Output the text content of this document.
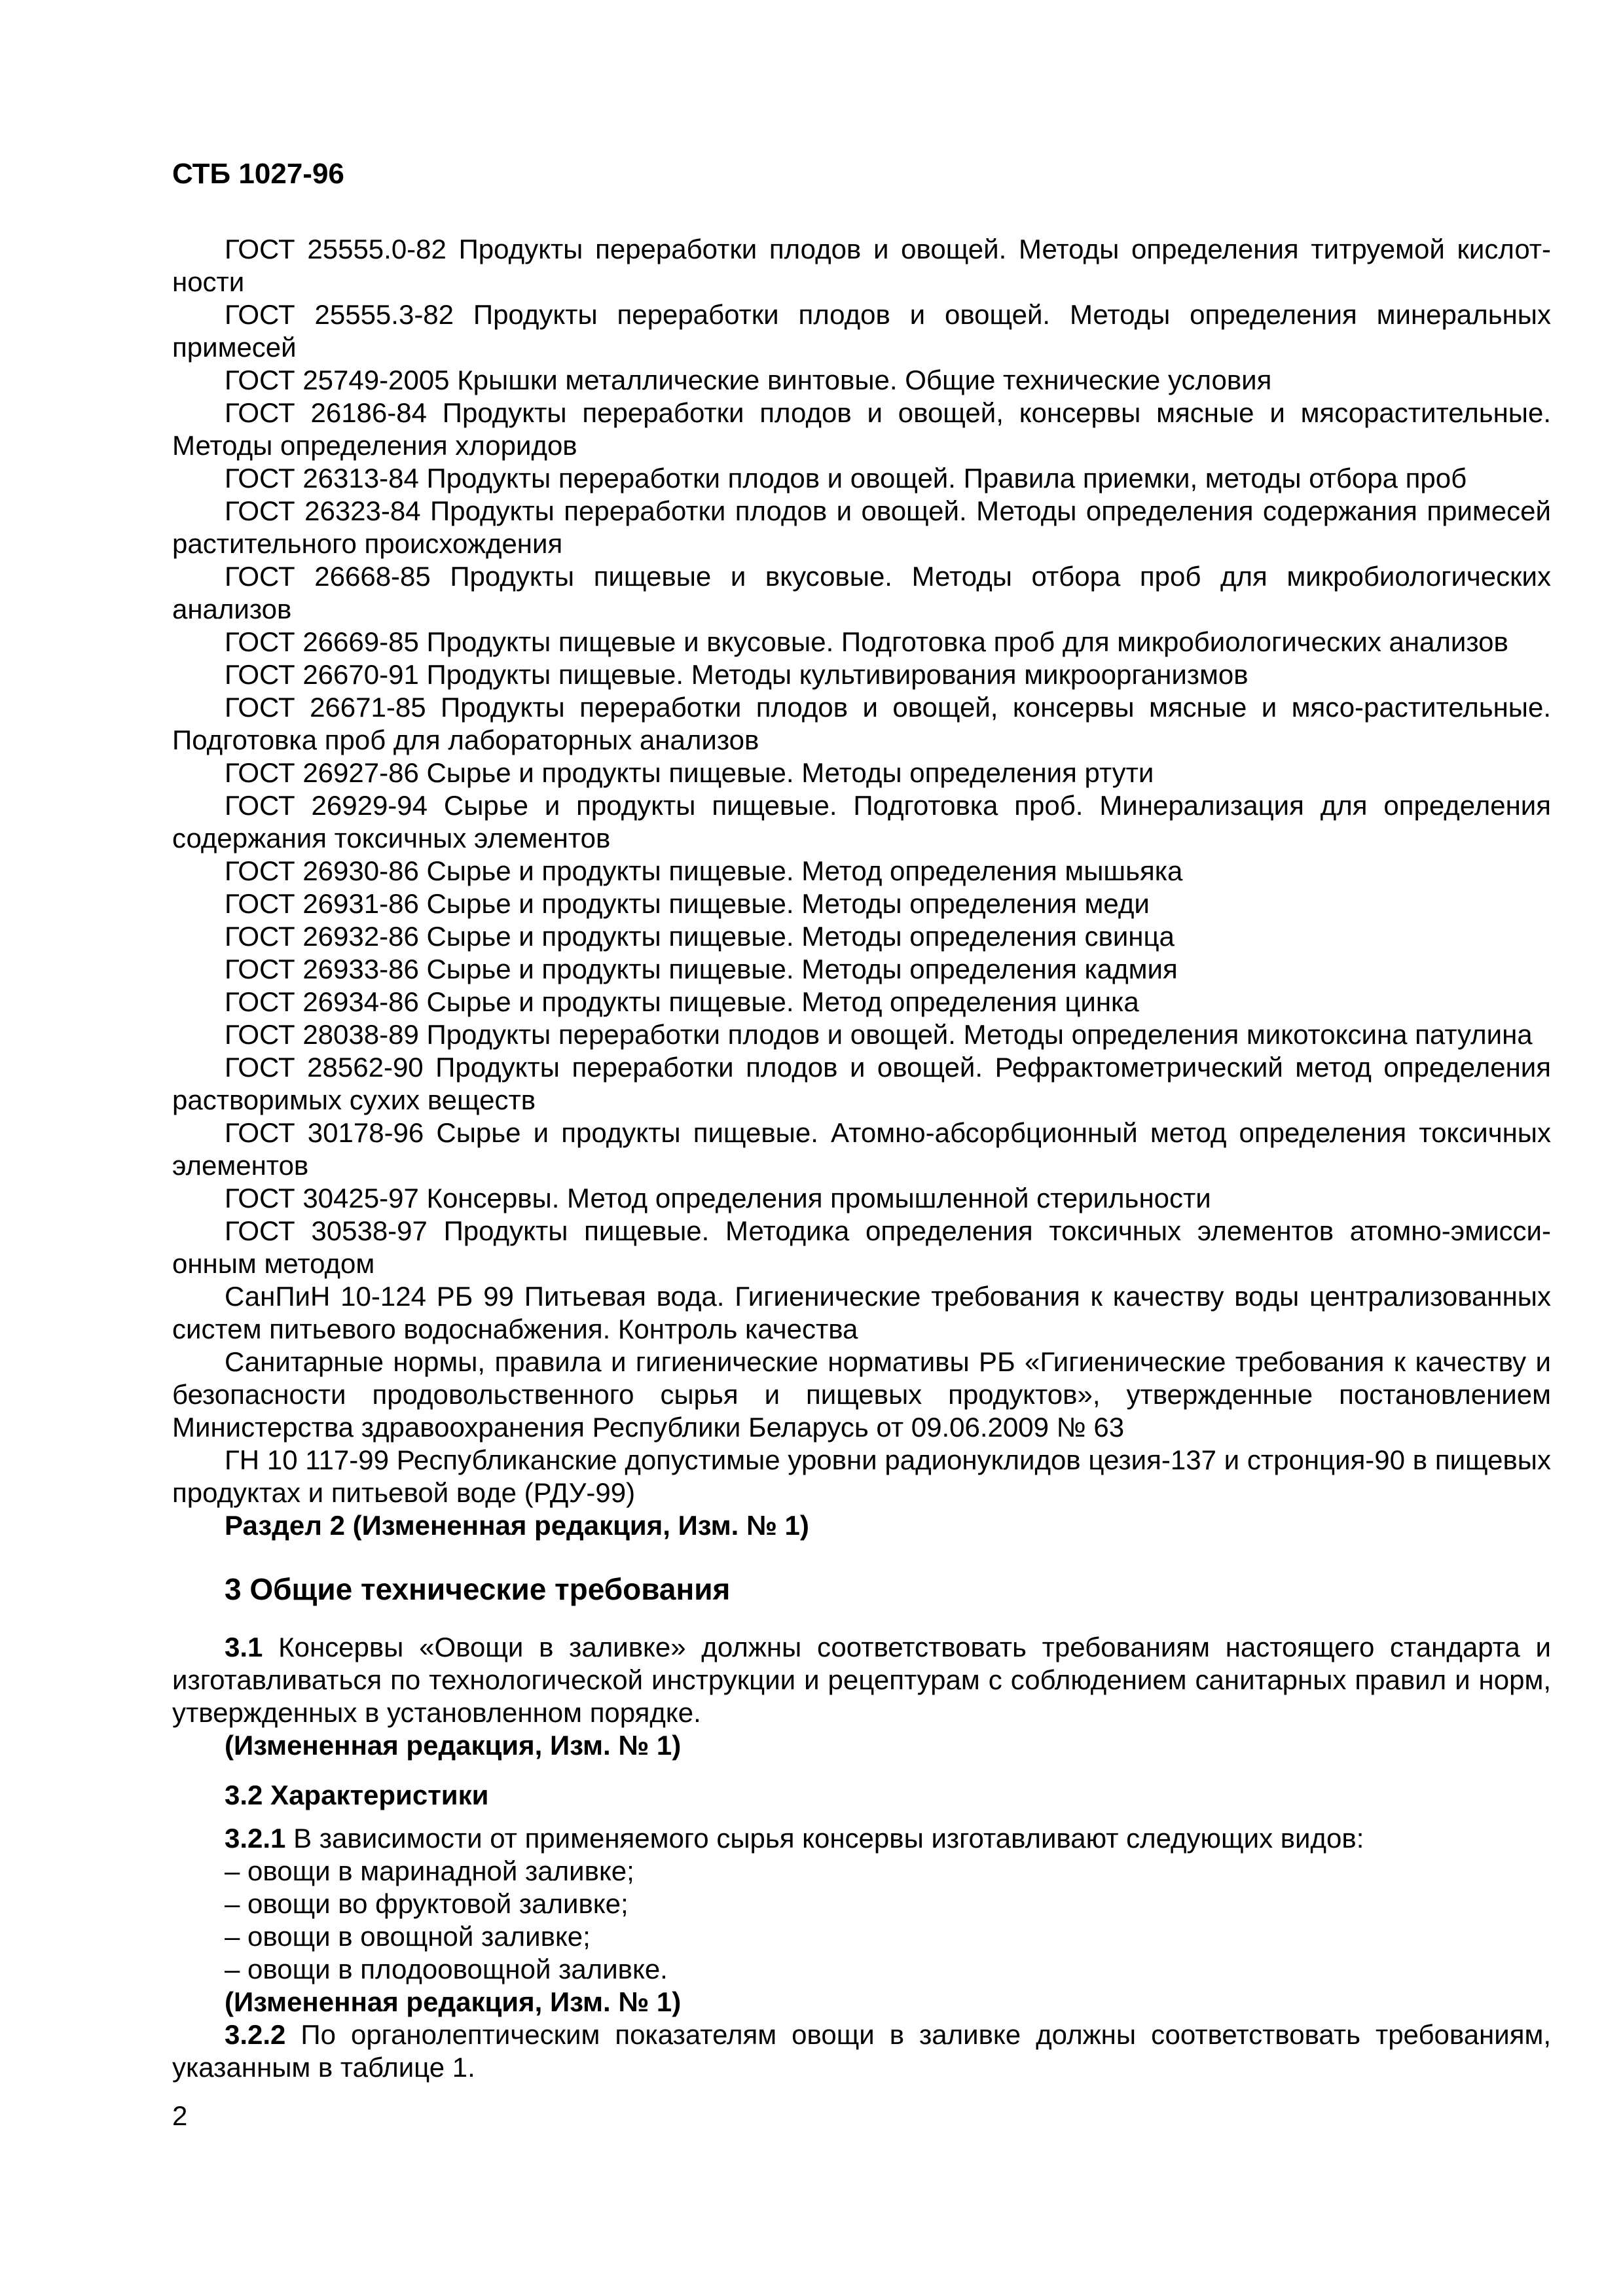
СТБ 1027-96

ГОСТ 25555.0-82 Продукты переработки плодов и овощей. Методы определения титруемой кислотности

ГОСТ 25555.3-82 Продукты переработки плодов и овощей. Методы определения минеральных примесей

ГОСТ 25749-2005 Крышки металлические винтовые. Общие технические условия

ГОСТ 26186-84 Продукты переработки плодов и овощей, консервы мясные и мясорастительные. Методы определения хлоридов

ГОСТ 26313-84 Продукты переработки плодов и овощей. Правила приемки, методы отбора проб

ГОСТ 26323-84 Продукты переработки плодов и овощей. Методы определения содержания примесей растительного происхождения

ГОСТ 26668-85 Продукты пищевые и вкусовые. Методы отбора проб для микробиологических анализов

ГОСТ 26669-85 Продукты пищевые и вкусовые. Подготовка проб для микробиологических анализов

ГОСТ 26670-91 Продукты пищевые. Методы культивирования микроорганизмов

ГОСТ 26671-85 Продукты переработки плодов и овощей, консервы мясные и мясо-растительные. Подготовка проб для лабораторных анализов

ГОСТ 26927-86 Сырье и продукты пищевые. Методы определения ртути

ГОСТ 26929-94 Сырье и продукты пищевые. Подготовка проб. Минерализация для определения содержания токсичных элементов

ГОСТ 26930-86 Сырье и продукты пищевые. Метод определения мышьяка

ГОСТ 26931-86 Сырье и продукты пищевые. Методы определения меди

ГОСТ 26932-86 Сырье и продукты пищевые. Методы определения свинца

ГОСТ 26933-86 Сырье и продукты пищевые. Методы определения кадмия

ГОСТ 26934-86 Сырье и продукты пищевые. Метод определения цинка

ГОСТ 28038-89 Продукты переработки плодов и овощей. Методы определения микотоксина патулина

ГОСТ 28562-90 Продукты переработки плодов и овощей. Рефрактометрический метод определения растворимых сухих веществ

ГОСТ 30178-96 Сырье и продукты пищевые. Атомно-абсорбционный метод определения токсичных элементов

ГОСТ 30425-97 Консервы. Метод определения промышленной стерильности

ГОСТ 30538-97 Продукты пищевые. Методика определения токсичных элементов атомно-эмиссионным методом

СанПиН 10-124 РБ 99 Питьевая вода. Гигиенические требования к качеству воды централизованных систем питьевого водоснабжения. Контроль качества

Санитарные нормы, правила и гигиенические нормативы РБ «Гигиенические требования к качеству и безопасности продовольственного сырья и пищевых продуктов», утвержденные постановлением Министерства здравоохранения Республики Беларусь от 09.06.2009 № 63

ГН 10 117-99 Республиканские допустимые уровни радионуклидов цезия-137 и стронция-90 в пищевых продуктах и питьевой воде (РДУ-99)

Раздел 2 (Измененная редакция, Изм. № 1)

3 Общие технические требования

3.1 Консервы «Овощи в заливке» должны соответствовать требованиям настоящего стандарта и изготавливаться по технологической инструкции и рецептурам с соблюдением санитарных правил и норм, утвержденных в установленном порядке.

(Измененная редакция, Изм. № 1)

3.2 Характеристики

3.2.1 В зависимости от применяемого сырья консервы изготавливают следующих видов:

– овощи в маринадной заливке;

– овощи во фруктовой заливке;

– овощи в овощной заливке;

– овощи в плодоовощной заливке.

(Измененная редакция, Изм. № 1)

3.2.2 По органолептическим показателям овощи в заливке должны соответствовать требованиям, указанным в таблице 1.

2
